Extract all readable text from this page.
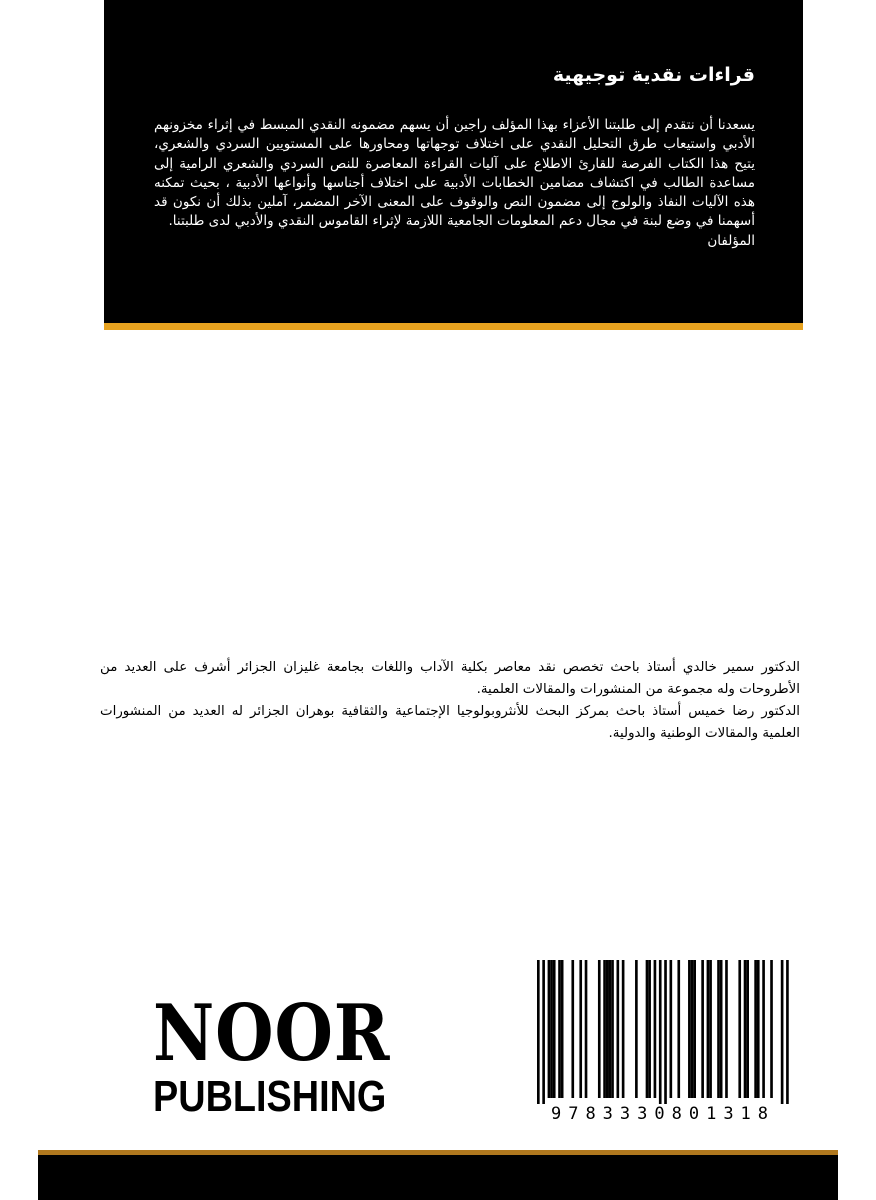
قراءات نقدية توجيهية

يسعدنا أن نتقدم إلى طلبتنا الأعزاء بهذا المؤلف راجين أن يسهم مضمونه النقدي المبسط في إثراء مخزونهم الأدبي واستيعاب طرق التحليل النقدي على اختلاف توجهاتها ومحاورها على المستويين السردي والشعري، يتيح هذا الكتاب الفرصة للقارئ الاطلاع على آليات القراءة المعاصرة للنص السردي والشعري الرامية إلى مساعدة الطالب في اكتشاف مضامين الخطابات الأدبية على اختلاف أجناسها وأنواعها الأدبية ، بحيث تمكنه هذه الآليات النفاذ والولوج إلى مضمون النص والوقوف على المعنى الآخر المضمر، آملين بذلك أن نكون قد أسهمنا في وضع لبنة في مجال دعم المعلومات الجامعية اللازمة لإثراء القاموس النقدي والأدبي لدى طلبتنا.

المؤلفان

الدكتور سمير خالدي أستاذ باحث تخصص نقد معاصر بكلية الآداب واللغات بجامعة غليزان الجزائر أشرف على العديد من الأطروحات وله مجموعة من المنشورات والمقالات العلمية.

الدكتور رضا خميس أستاذ باحث بمركز البحث للأنثروبولوجيا الإجتماعية والثقافية بوهران الجزائر له العديد من المنشورات العلمية والمقالات الوطنية والدولية.

NOOR
PUBLISHING	9783330801318
